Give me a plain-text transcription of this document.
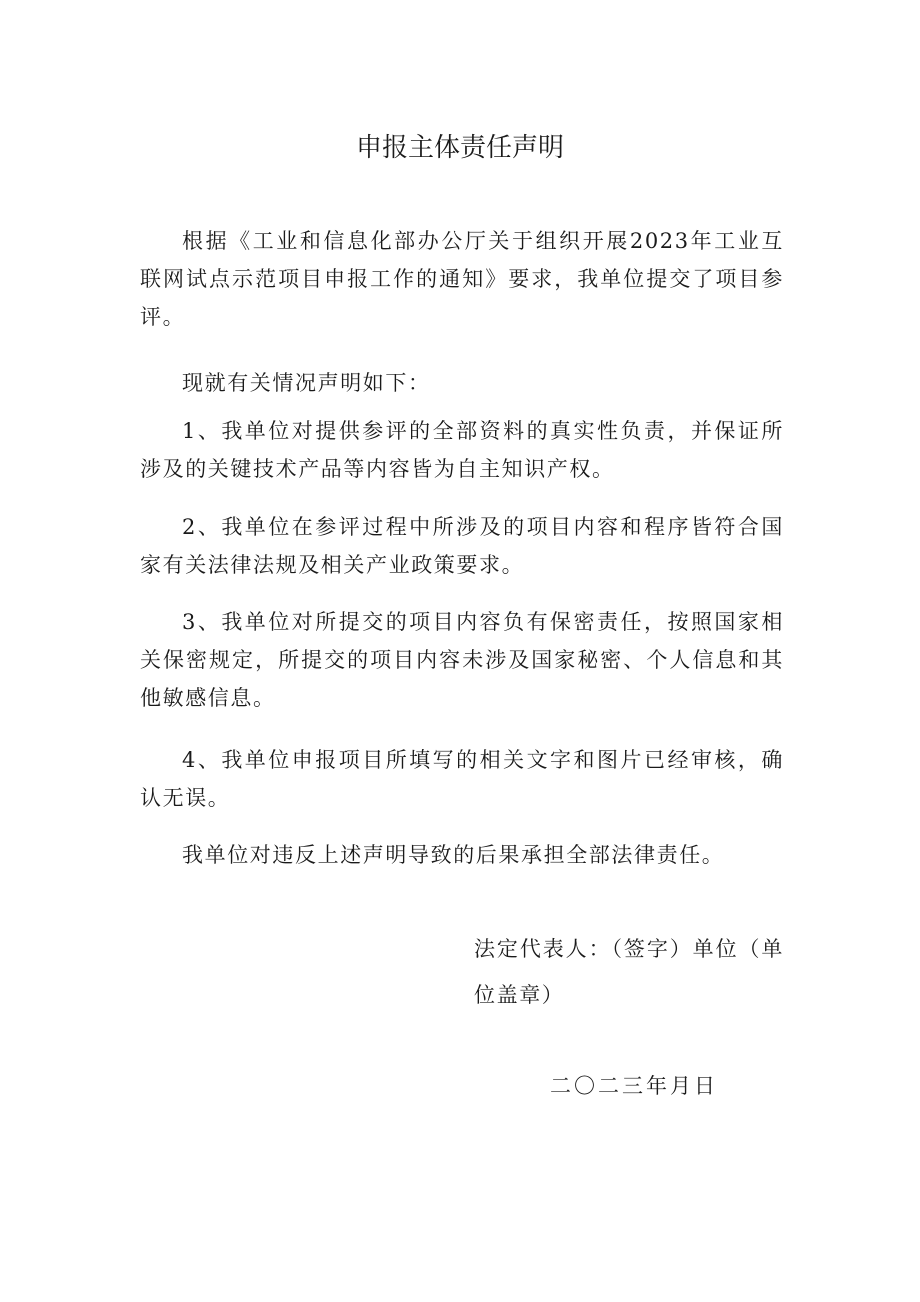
申报主体责任声明

根据《工业和信息化部办公厅关于组织开展2023年工业互联网试点示范项目申报工作的通知》要求，我单位提交了项目参评。

现就有关情况声明如下：

1、我单位对提供参评的全部资料的真实性负责，并保证所涉及的关键技术产品等内容皆为自主知识产权。

2、我单位在参评过程中所涉及的项目内容和程序皆符合国家有关法律法规及相关产业政策要求。

3、我单位对所提交的项目内容负有保密责任，按照国家相关保密规定，所提交的项目内容未涉及国家秘密、个人信息和其他敏感信息。

4、我单位申报项目所填写的相关文字和图片已经审核，确认无误。

我单位对违反上述声明导致的后果承担全部法律责任。

法定代表人：（签字）单位（单位盖章）
二〇二三年月日
